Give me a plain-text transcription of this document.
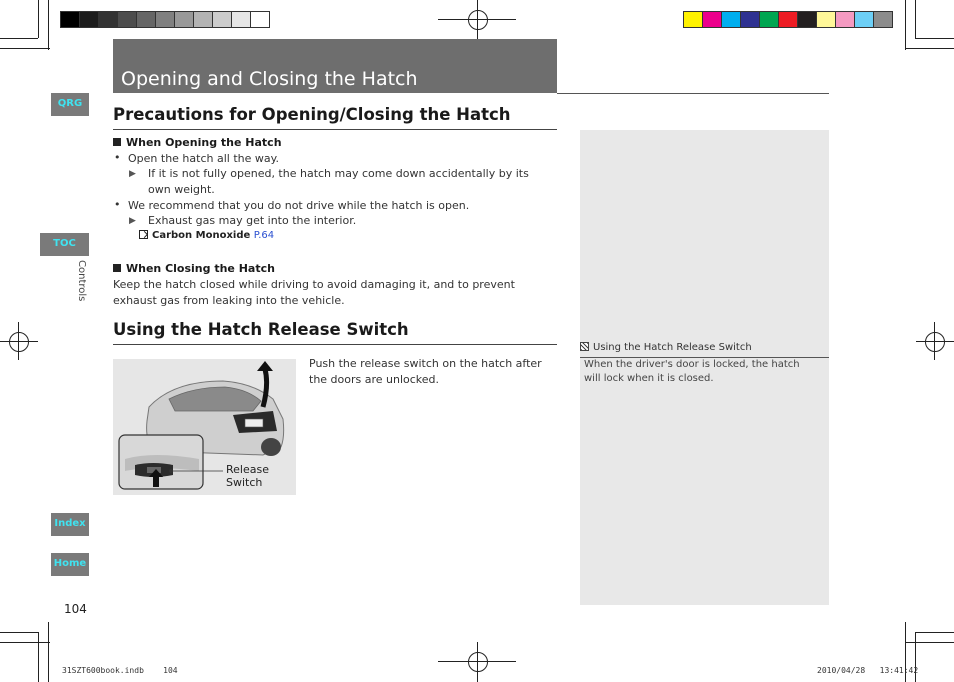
Opening and Closing the Hatch
QRG
TOC
Controls
Index
Home
Precautions for Opening/Closing the Hatch
When Opening the Hatch
• Open the hatch all the way.
▶ If it is not fully opened, the hatch may come down accidentally by its own weight.
• We recommend that you do not drive while the hatch is open.
▶ Exhaust gas may get into the interior.
Carbon Monoxide P.64
When Closing the Hatch
Keep the hatch closed while driving to avoid damaging it, and to prevent exhaust gas from leaking into the vehicle.
Using the Hatch Release Switch
Release
Switch
Push the release switch on the hatch after the doors are unlocked.
Using the Hatch Release Switch
When the driver's door is locked, the hatch will lock when it is closed.
104
31SZT600book.indb 104	2010/04/28 13:41:42
